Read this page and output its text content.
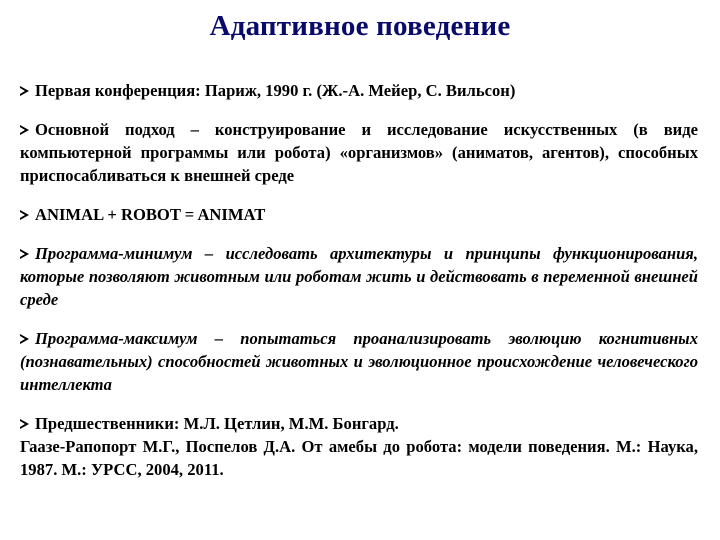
Адаптивное поведение
Первая конференция: Париж, 1990 г. (Ж.-А. Мейер, С. Вильсон)
Основной подход – конструирование и исследование искусственных (в виде компьютерной программы или робота) «организмов» (аниматов, агентов), способных приспосабливаться к внешней среде
ANIMAL + ROBOT = ANIMAT
Программа-минимум – исследовать архитектуры и принципы функционирования, которые позволяют животным или роботам жить и действовать в переменной внешней среде
Программа-максимум – попытаться проанализировать эволюцию когнитивных (познавательных) способностей животных и эволюционное происхождение человеческого интеллекта
Предшественники: М.Л. Цетлин, М.М. Бонгард.
Гаазе-Рапопорт М.Г., Поспелов Д.А. От амебы до робота: модели поведения. М.: Наука, 1987. М.: УРСС, 2004, 2011.
